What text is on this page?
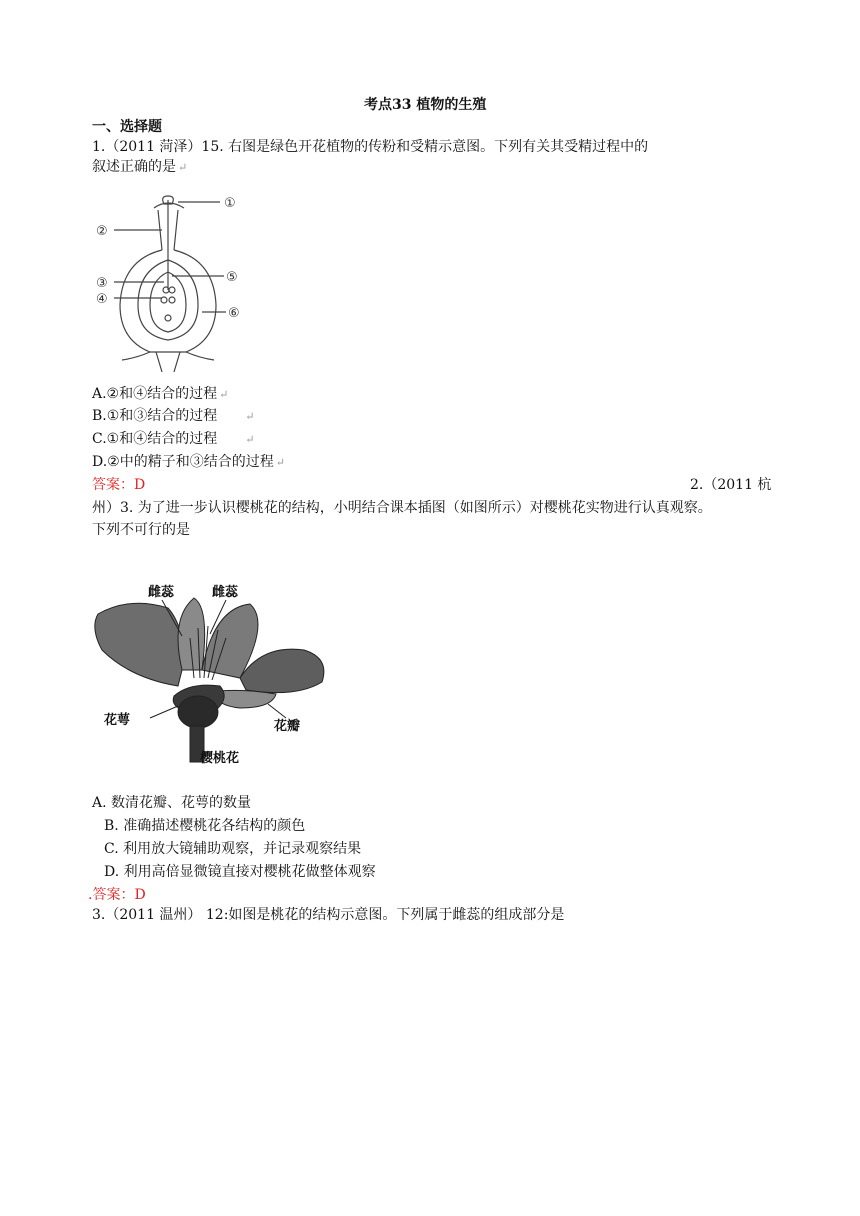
考点33 植物的生殖
一、选择题
1.（2011 菏泽）15. 右图是绿色开花植物的传粉和受精示意图。下列有关其受精过程中的
叙述正确的是 ↵
①
②
③
④
⑤
⑥
A.②和④结合的过程 ↵
B.①和③结合的过程	↵
C.①和④结合的过程	↵
D.②中的精子和③结合的过程 ↵
答案：D	2.（2011 杭
州）3. 为了进一步认识樱桃花的结构，小明结合课本插图（如图所示）对樱桃花实物进行认真观察。
下列不可行的是
雌蕊	雌蕊
花萼	花瓣
樱桃花
A. 数清花瓣、花萼的数量
B. 准确描述樱桃花各结构的颜色
C. 利用放大镜辅助观察，并记录观察结果
D. 利用高倍显微镜直接对樱桃花做整体观察
.答案：D
3.（2011 温州） 12:如图是桃花的结构示意图。下列属于雌蕊的组成部分是
